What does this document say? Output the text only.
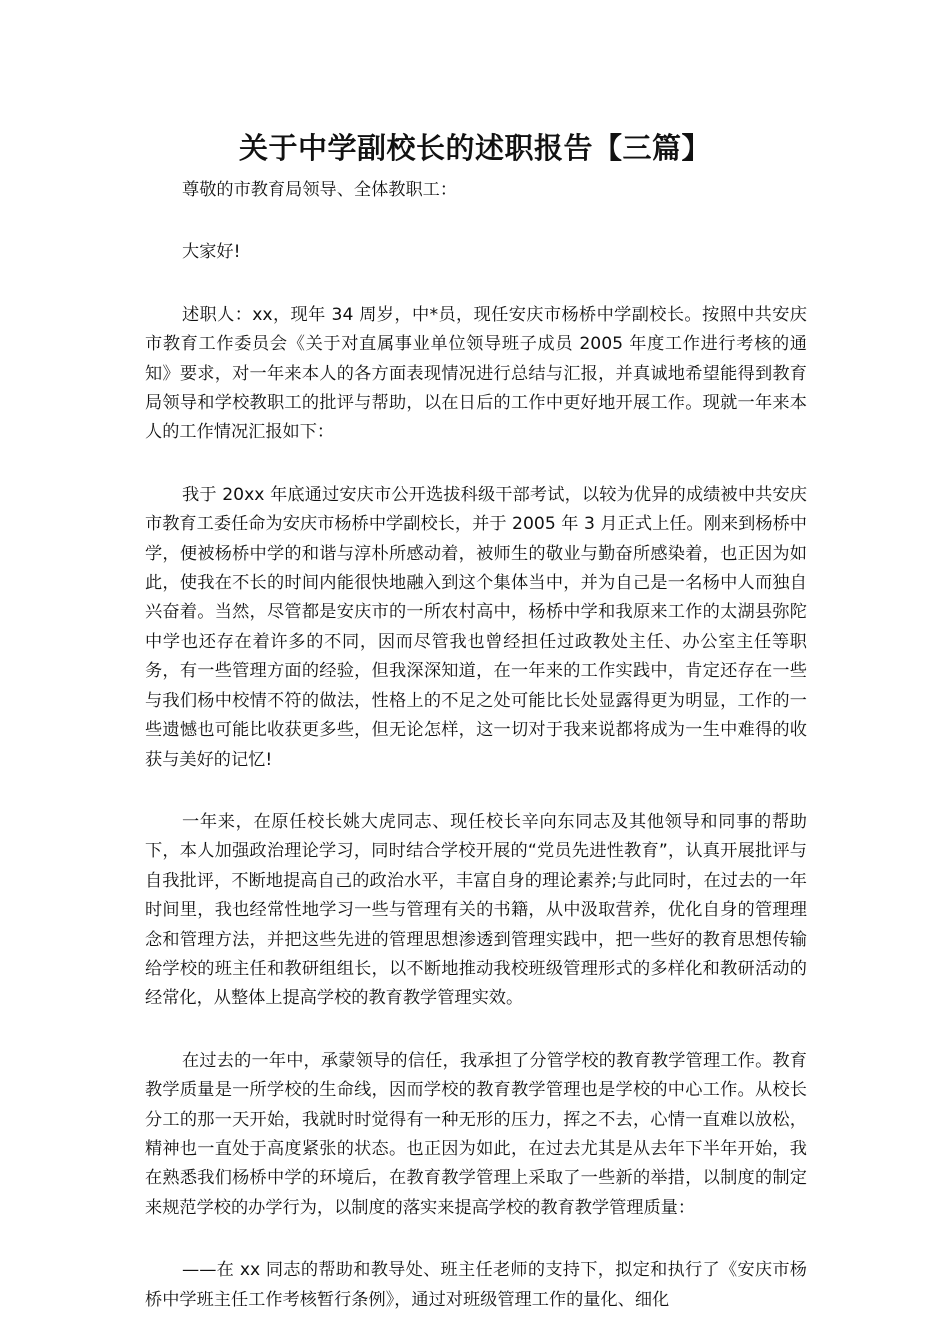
关于中学副校长的述职报告【三篇】

尊敬的市教育局领导、全体教职工：

大家好!

述职人：xx，现年 34 周岁，中*员，现任安庆市杨桥中学副校长。按照中共安庆市教育工作委员会《关于对直属事业单位领导班子成员 2005 年度工作进行考核的通知》要求，对一年来本人的各方面表现情况进行总结与汇报，并真诚地希望能得到教育局领导和学校教职工的批评与帮助，以在日后的工作中更好地开展工作。现就一年来本人的工作情况汇报如下：

我于 20xx 年底通过安庆市公开选拔科级干部考试，以较为优异的成绩被中共安庆市教育工委任命为安庆市杨桥中学副校长，并于 2005 年 3 月正式上任。刚来到杨桥中学，便被杨桥中学的和谐与淳朴所感动着，被师生的敬业与勤奋所感染着，也正因为如此，使我在不长的时间内能很快地融入到这个集体当中，并为自己是一名杨中人而独自兴奋着。当然，尽管都是安庆市的一所农村高中，杨桥中学和我原来工作的太湖县弥陀中学也还存在着许多的不同，因而尽管我也曾经担任过政教处主任、办公室主任等职务，有一些管理方面的经验，但我深深知道，在一年来的工作实践中，肯定还存在一些与我们杨中校情不符的做法，性格上的不足之处可能比长处显露得更为明显，工作的一些遗憾也可能比收获更多些，但无论怎样，这一切对于我来说都将成为一生中难得的收获与美好的记忆!

一年来，在原任校长姚大虎同志、现任校长辛向东同志及其他领导和同事的帮助下，本人加强政治理论学习，同时结合学校开展的“党员先进性教育”，认真开展批评与自我批评，不断地提高自己的政治水平，丰富自身的理论素养;与此同时，在过去的一年时间里，我也经常性地学习一些与管理有关的书籍，从中汲取营养，优化自身的管理理念和管理方法，并把这些先进的管理思想渗透到管理实践中，把一些好的教育思想传输给学校的班主任和教研组组长，以不断地推动我校班级管理形式的多样化和教研活动的经常化，从整体上提高学校的教育教学管理实效。

在过去的一年中，承蒙领导的信任，我承担了分管学校的教育教学管理工作。教育教学质量是一所学校的生命线，因而学校的教育教学管理也是学校的中心工作。从校长分工的那一天开始，我就时时觉得有一种无形的压力，挥之不去，心情一直难以放松，精神也一直处于高度紧张的状态。也正因为如此，在过去尤其是从去年下半年开始，我在熟悉我们杨桥中学的环境后，在教育教学管理上采取了一些新的举措，以制度的制定来规范学校的办学行为，以制度的落实来提高学校的教育教学管理质量：

——在 xx 同志的帮助和教导处、班主任老师的支持下，拟定和执行了《安庆市杨桥中学班主任工作考核暂行条例》，通过对班级管理工作的量化、细化
